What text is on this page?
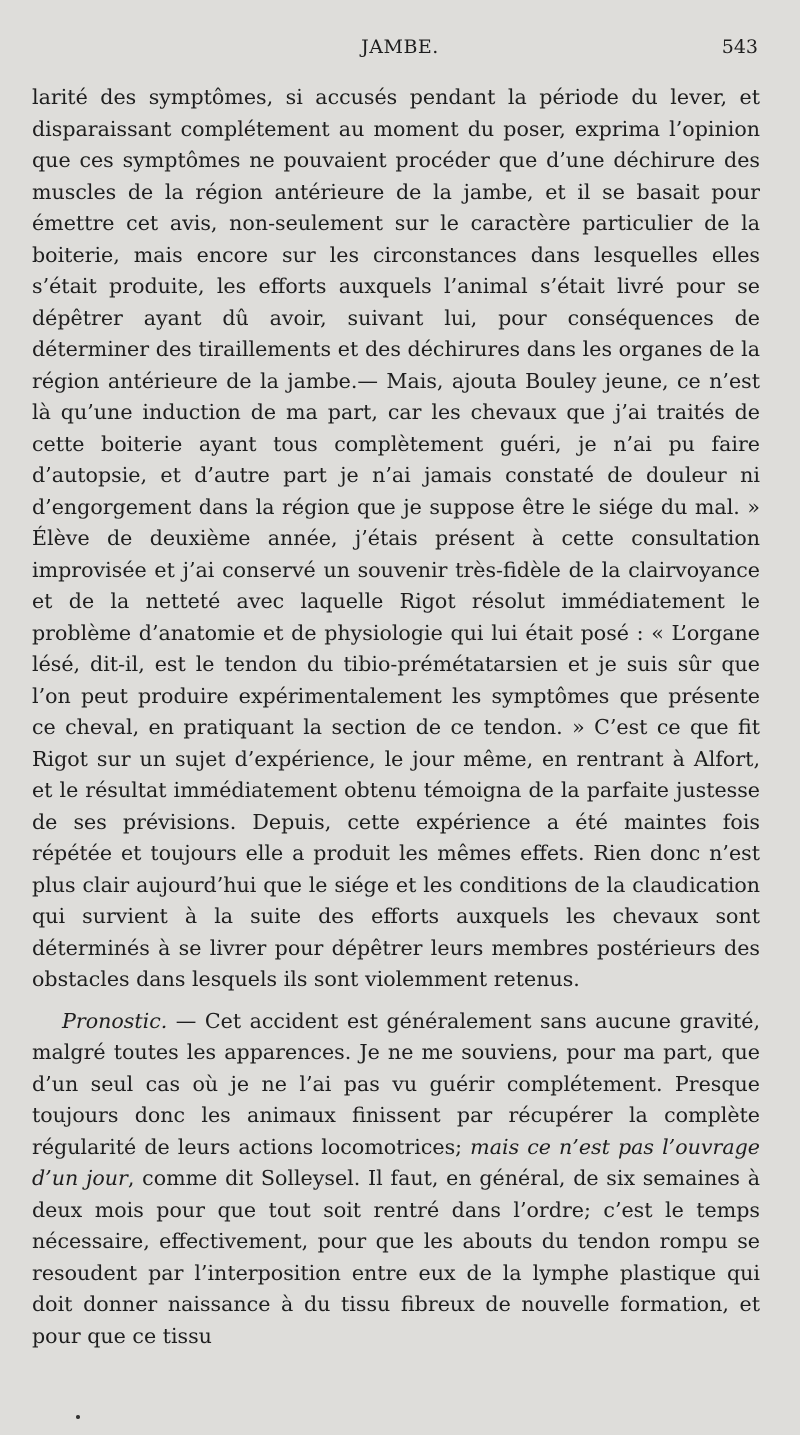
JAMBE.	543

larité des symptômes, si accusés pendant la période du lever, et disparaissant complétement au moment du poser, exprima l’opinion que ces symptômes ne pouvaient procéder que d’une déchirure des muscles de la région antérieure de la jambe, et il se basait pour émettre cet avis, non-seulement sur le caractère particulier de la boiterie, mais encore sur les circonstances dans lesquelles elles s’était produite, les efforts auxquels l’animal s’était livré pour se dépêtrer ayant dû avoir, suivant lui, pour conséquences de déterminer des tiraillements et des déchirures dans les organes de la région antérieure de la jambe.— Mais, ajouta Bouley jeune, ce n’est là qu’une induction de ma part, car les chevaux que j’ai traités de cette boiterie ayant tous complètement guéri, je n’ai pu faire d’autopsie, et d’autre part je n’ai jamais constaté de douleur ni d’engorgement dans la région que je suppose être le siége du mal. » Élève de deuxième année, j’étais présent à cette consultation improvisée et j’ai conservé un souvenir très-fidèle de la clairvoyance et de la netteté avec laquelle Rigot résolut immédiatement le problème d’anatomie et de physiologie qui lui était posé : « L’organe lésé, dit-il, est le tendon du tibio-prémétatarsien et je suis sûr que l’on peut produire expérimentalement les symptômes que présente ce cheval, en pratiquant la section de ce tendon. » C’est ce que fit Rigot sur un sujet d’expérience, le jour même, en rentrant à Alfort, et le résultat immédiatement obtenu témoigna de la parfaite justesse de ses prévisions. Depuis, cette expérience a été maintes fois répétée et toujours elle a produit les mêmes effets. Rien donc n’est plus clair aujourd’hui que le siége et les conditions de la claudication qui survient à la suite des efforts auxquels les chevaux sont déterminés à se livrer pour dépêtrer leurs membres postérieurs des obstacles dans lesquels ils sont violemment retenus.

Pronostic. — Cet accident est généralement sans aucune gravité, malgré toutes les apparences. Je ne me souviens, pour ma part, que d’un seul cas où je ne l’ai pas vu guérir complétement. Presque toujours donc les animaux finissent par récupérer la complète régularité de leurs actions locomotrices; mais ce n’est pas l’ouvrage d’un jour, comme dit Solleysel. Il faut, en général, de six semaines à deux mois pour que tout soit rentré dans l’ordre; c’est le temps nécessaire, effectivement, pour que les abouts du tendon rompu se resoudent par l’interposition entre eux de la lymphe plastique qui doit donner naissance à du tissu fibreux de nouvelle formation, et pour que ce tissu
